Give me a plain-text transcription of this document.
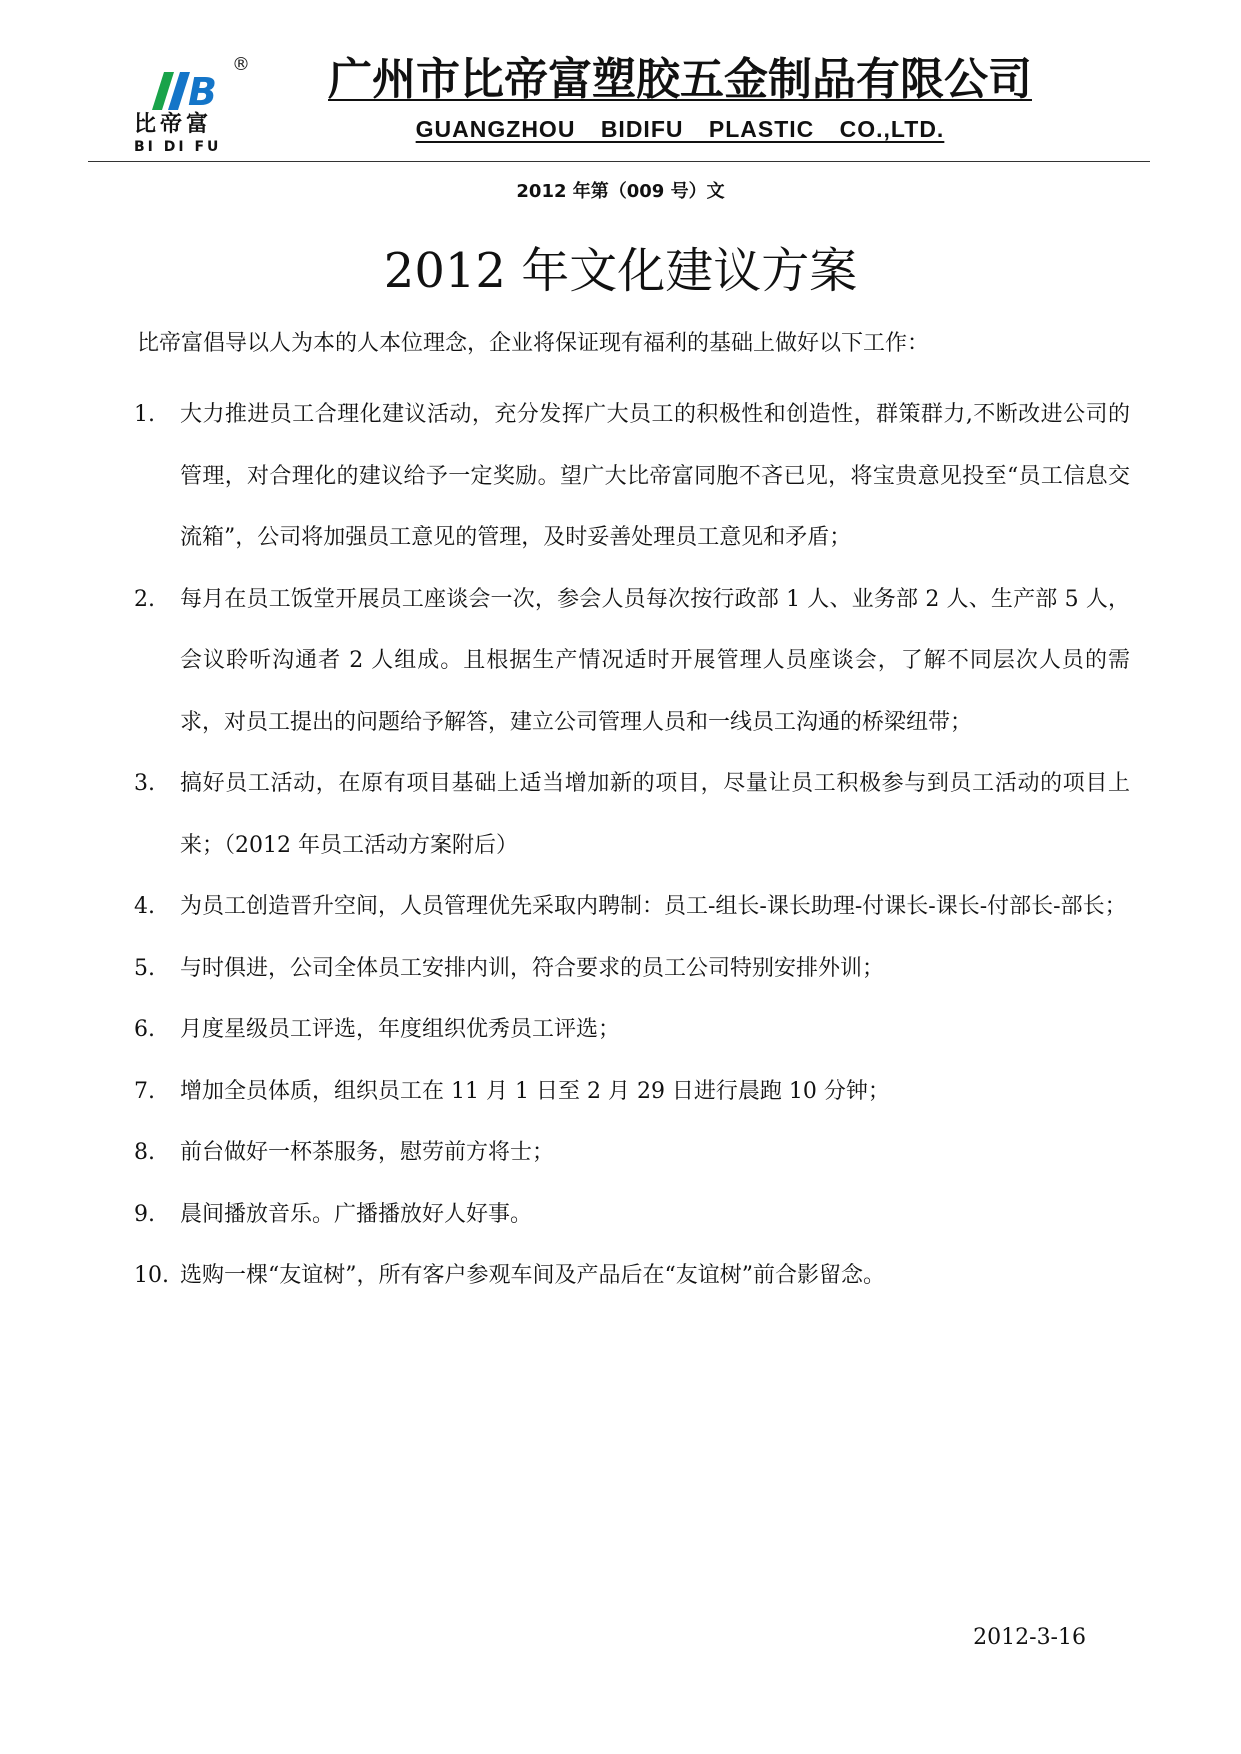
B
®
比帝富
BI DI FU
广州市比帝富塑胶五金制品有限公司
GUANGZHOU BIDIFU PLASTIC CO.,LTD.
2012 年第（009 号）文
2012 年文化建议方案
比帝富倡导以人为本的人本位理念，企业将保证现有福利的基础上做好以下工作：
1.	大力推进员工合理化建议活动，充分发挥广大员工的积极性和创造性，群策群力,不断改进公司的管理，对合理化的建议给予一定奖励。望广大比帝富同胞不吝已见，将宝贵意见投至“员工信息交流箱”，公司将加强员工意见的管理，及时妥善处理员工意见和矛盾；
2.	每月在员工饭堂开展员工座谈会一次，参会人员每次按行政部 1 人、业务部 2 人、生产部 5 人，会议聆听沟通者 2 人组成。且根据生产情况适时开展管理人员座谈会，了解不同层次人员的需求，对员工提出的问题给予解答，建立公司管理人员和一线员工沟通的桥梁纽带；
3.	搞好员工活动，在原有项目基础上适当增加新的项目，尽量让员工积极参与到员工活动的项目上来；（2012 年员工活动方案附后）
4.	为员工创造晋升空间，人员管理优先采取内聘制：员工-组长-课长助理-付课长-课长-付部长-部长；
5.	与时俱进，公司全体员工安排内训，符合要求的员工公司特别安排外训；
6.	月度星级员工评选，年度组织优秀员工评选；
7.	增加全员体质，组织员工在 11 月 1 日至 2 月 29 日进行晨跑 10 分钟；
8.	前台做好一杯茶服务，慰劳前方将士；
9.	晨间播放音乐。广播播放好人好事。
10. 选购一棵“友谊树”，所有客户参观车间及产品后在“友谊树”前合影留念。
2012-3-16
